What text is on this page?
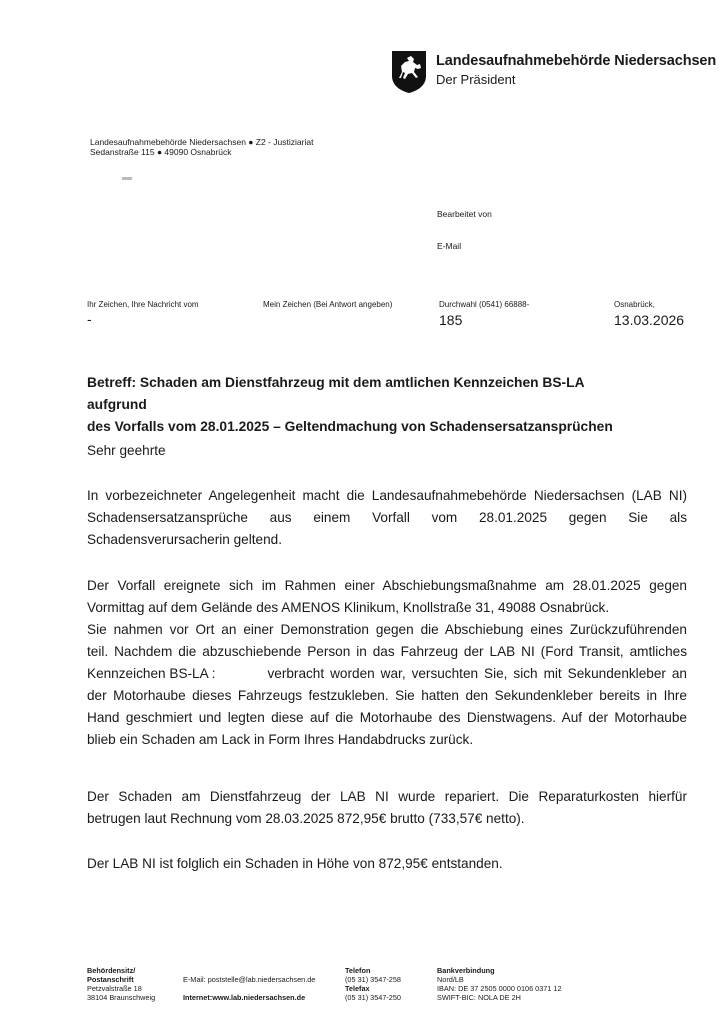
Landesaufnahmebehörde Niedersachsen
Der Präsident
Landesaufnahmebehörde Niedersachsen ● Z2 - Justiziariat
Sedanstraße 115 ● 49090 Osnabrück
Bearbeitet von
E-Mail
Ihr Zeichen, Ihre Nachricht vom
-
Mein Zeichen (Bei Antwort angeben)	Durchwahl (0541) 66888-
185
Osnabrück,
13.03.2026
Betreff: Schaden am Dienstfahrzeug mit dem amtlichen Kennzeichen BS-LAaufgrund
des Vorfalls vom 28.01.2025 – Geltendmachung von Schadensersatzansprüchen
Sehr geehrte
In vorbezeichneter Angelegenheit macht die Landesaufnahmebehörde Niedersachsen (LAB NI)
Schadensersatzansprüche aus einem Vorfall vom 28.01.2025 gegen Sie als
Schadensverursacherin geltend.
Der Vorfall ereignete sich im Rahmen einer Abschiebungsmaßnahme am 28.01.2025 gegen
Vormittag auf dem Gelände des AMENOS Klinikum, Knollstraße 31, 49088 Osnabrück.
Sie nahmen vor Ort an einer Demonstration gegen die Abschiebung eines Zurückzuführenden
teil. Nachdem die abzuschiebende Person in das Fahrzeug der LAB NI (Ford Transit, amtliches
Kennzeichen BS-LA :	verbracht worden war, versuchten Sie, sich mit Sekundenkleber an
der Motorhaube dieses Fahrzeugs festzukleben. Sie hatten den Sekundenkleber bereits in Ihre
Hand geschmiert und legten diese auf die Motorhaube des Dienstwagens. Auf der Motorhaube
blieb ein Schaden am Lack in Form Ihres Handabdrucks zurück.
Der Schaden am Dienstfahrzeug der LAB NI wurde repariert. Die Reparaturkosten hierfür
betrugen laut Rechnung vom 28.03.2025 872,95€ brutto (733,57€ netto).
Der LAB NI ist folglich ein Schaden in Höhe von 872,95€ entstanden.
Behördensitz/
Postanschrift
Petzvalstraße 18
38104 Braunschweig
E-Mail: poststelle@lab.niedersachsen.de

Internet:www.lab.niedersachsen.de
Telefon
(05 31) 3547-258
Telefax
(05 31) 3547-250
Bankverbindung
Nord/LB
IBAN: DE 37 2505 0000 0106 0371 12
SWIFT-BIC: NOLA DE 2H
